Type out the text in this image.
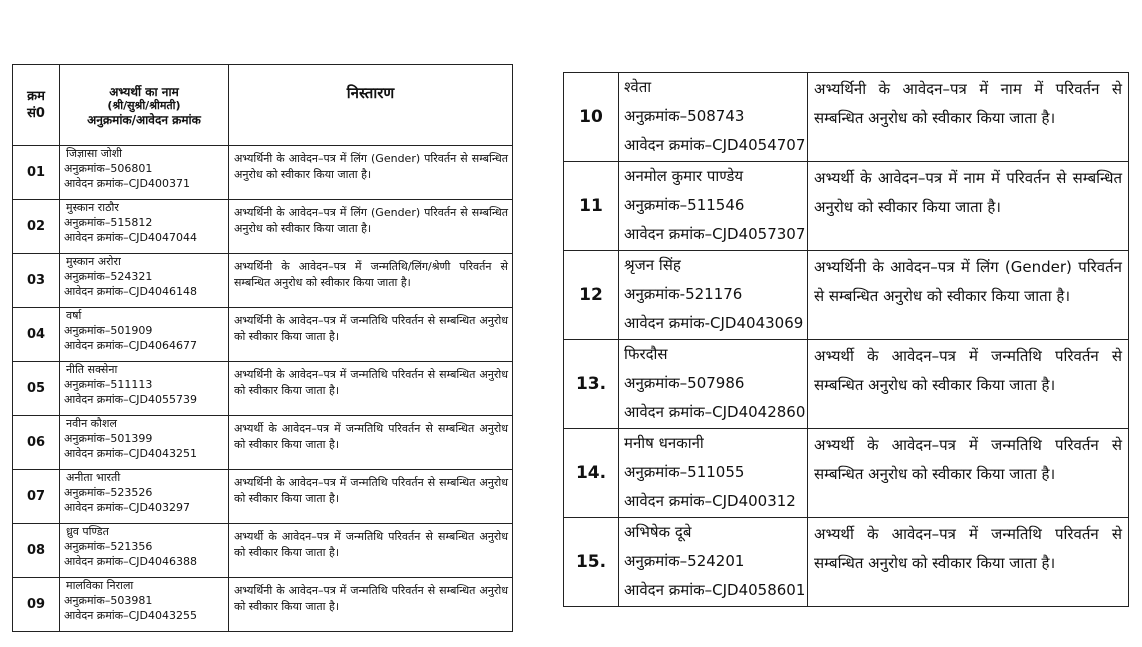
क्रम
सं0	अभ्यर्थी का नाम
(श्री/सुश्री/श्रीमती)
अनुक्रमांक/आवेदन क्रमांक	निस्तारण
01	जिज्ञासा जोशी
अनुक्रमांक–506801
आवेदन क्रमांक–CJD400371	अभ्यर्थिनी के आवेदन–पत्र में लिंग (Gender) परिवर्तन से सम्बन्धित अनुरोध को स्वीकार किया जाता है।
02	मुस्कान राठौर
अनुक्रमांक–515812
आवेदन क्रमांक–CJD4047044	अभ्यर्थिनी के आवेदन–पत्र में लिंग (Gender) परिवर्तन से सम्बन्धित अनुरोध को स्वीकार किया जाता है।
03	मुस्कान अरोरा
अनुक्रमांक–524321
आवेदन क्रमांक–CJD4046148	अभ्यर्थिनी के आवेदन–पत्र में जन्मतिथि/लिंग/श्रेणी परिवर्तन से सम्बन्धित अनुरोध को स्वीकार किया जाता है।
04	वर्षा
अनुक्रमांक–501909
आवेदन क्रमांक–CJD4064677	अभ्यर्थिनी के आवेदन–पत्र में जन्मतिथि परिवर्तन से सम्बन्धित अनुरोध को स्वीकार किया जाता है।
05	नीति सक्सेना
अनुक्रमांक–511113
आवेदन क्रमांक–CJD4055739	अभ्यर्थिनी के आवेदन–पत्र में जन्मतिथि परिवर्तन से सम्बन्धित अनुरोध को स्वीकार किया जाता है।
06	नवीन कौशल
अनुक्रमांक–501399
आवेदन क्रमांक–CJD4043251	अभ्यर्थी के आवेदन–पत्र में जन्मतिथि परिवर्तन से सम्बन्धित अनुरोध को स्वीकार किया जाता है।
07	अनीता भारती
अनुक्रमांक–523526
आवेदन क्रमांक–CJD403297	अभ्यर्थिनी के आवेदन–पत्र में जन्मतिथि परिवर्तन से सम्बन्धित अनुरोध को स्वीकार किया जाता है।
08	ध्रुव पण्डित
अनुक्रमांक–521356
आवेदन क्रमांक–CJD4046388	अभ्यर्थी के आवेदन–पत्र में जन्मतिथि परिवर्तन से सम्बन्धित अनुरोध को स्वीकार किया जाता है।
09	मालविका निराला
अनुक्रमांक–503981
आवेदन क्रमांक–CJD4043255	अभ्यर्थिनी के आवेदन–पत्र में जन्मतिथि परिवर्तन से सम्बन्धित अनुरोध को स्वीकार किया जाता है।
10	श्वेता
अनुक्रमांक–508743
आवेदन क्रमांक–CJD4054707	अभ्यर्थिनी के आवेदन–पत्र में नाम में परिवर्तन से सम्बन्धित अनुरोध को स्वीकार किया जाता है।
11	अनमोल कुमार पाण्डेय
अनुक्रमांक–511546
आवेदन क्रमांक–CJD4057307	अभ्यर्थी के आवेदन–पत्र में नाम में परिवर्तन से सम्बन्धित अनुरोध को स्वीकार किया जाता है।
12	श्रृजन सिंह
अनुक्रमांक-521176
आवेदन क्रमांक-CJD4043069	अभ्यर्थिनी के आवेदन–पत्र में लिंग (Gender) परिवर्तन से सम्बन्धित अनुरोध को स्वीकार किया जाता है।
13.	फिरदौस
अनुक्रमांक–507986
आवेदन क्रमांक–CJD4042860	अभ्यर्थी के आवेदन–पत्र में जन्मतिथि परिवर्तन से सम्बन्धित अनुरोध को स्वीकार किया जाता है।
14.	मनीष धनकानी
अनुक्रमांक–511055
आवेदन क्रमांक–CJD400312	अभ्यर्थी के आवेदन–पत्र में जन्मतिथि परिवर्तन से सम्बन्धित अनुरोध को स्वीकार किया जाता है।
15.	अभिषेक दूबे
अनुक्रमांक–524201
आवेदन क्रमांक–CJD4058601	अभ्यर्थी के आवेदन–पत्र में जन्मतिथि परिवर्तन से सम्बन्धित अनुरोध को स्वीकार किया जाता है।
